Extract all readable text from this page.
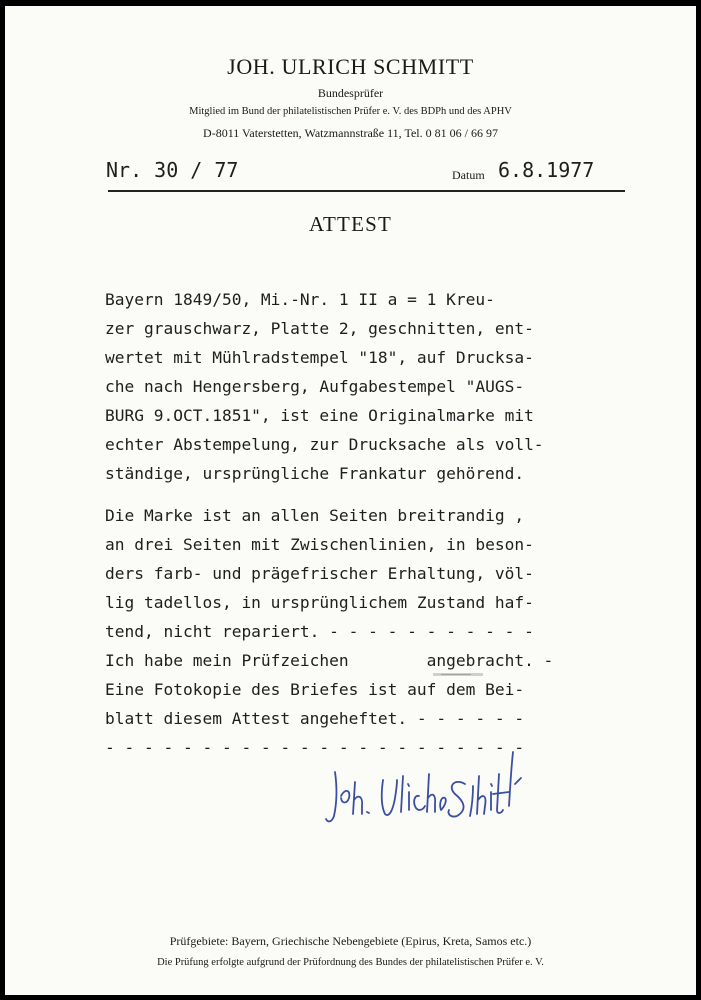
JOH. ULRICH SCHMITT
Bundesprüfer
Mitglied im Bund der philatelistischen Prüfer e. V. des BDPh und des APHV
D-8011 Vaterstetten, Watzmannstraße 11, Tel. 0 81 06 / 66 97
Nr. 30 / 77	Datum 6.8.1977
ATTEST
Bayern 1849/50, Mi.-Nr. 1 II a = 1 Kreu-
zer grauschwarz, Platte 2, geschnitten, ent-
wertet mit Mühlradstempel "18", auf Drucksa-
che nach Hengersberg, Aufgabestempel "AUGS-
BURG 9.OCT.1851", ist eine Originalmarke mit
echter Abstempelung, zur Drucksache als voll-
ständige, ursprüngliche Frankatur gehörend.
Die Marke ist an allen Seiten breitrandig ,
an drei Seiten mit Zwischenlinien, in beson-
ders farb- und prägefrischer Erhaltung, völ-
lig tadellos, in ursprünglichem Zustand haf-
tend, nicht repariert. - - - - - - - - - - -
Ich habe mein Prüfzeichen        angebracht. -
Eine Fotokopie des Briefes ist auf dem Bei-
blatt diesem Attest angeheftet. - - - - - -
- - - - - - - - - - - - - - - - - - - - - -
Prüfgebiete: Bayern, Griechische Nebengebiete (Epirus, Kreta, Samos etc.)
Die Prüfung erfolgte aufgrund der Prüfordnung des Bundes der philatelistischen Prüfer e. V.
